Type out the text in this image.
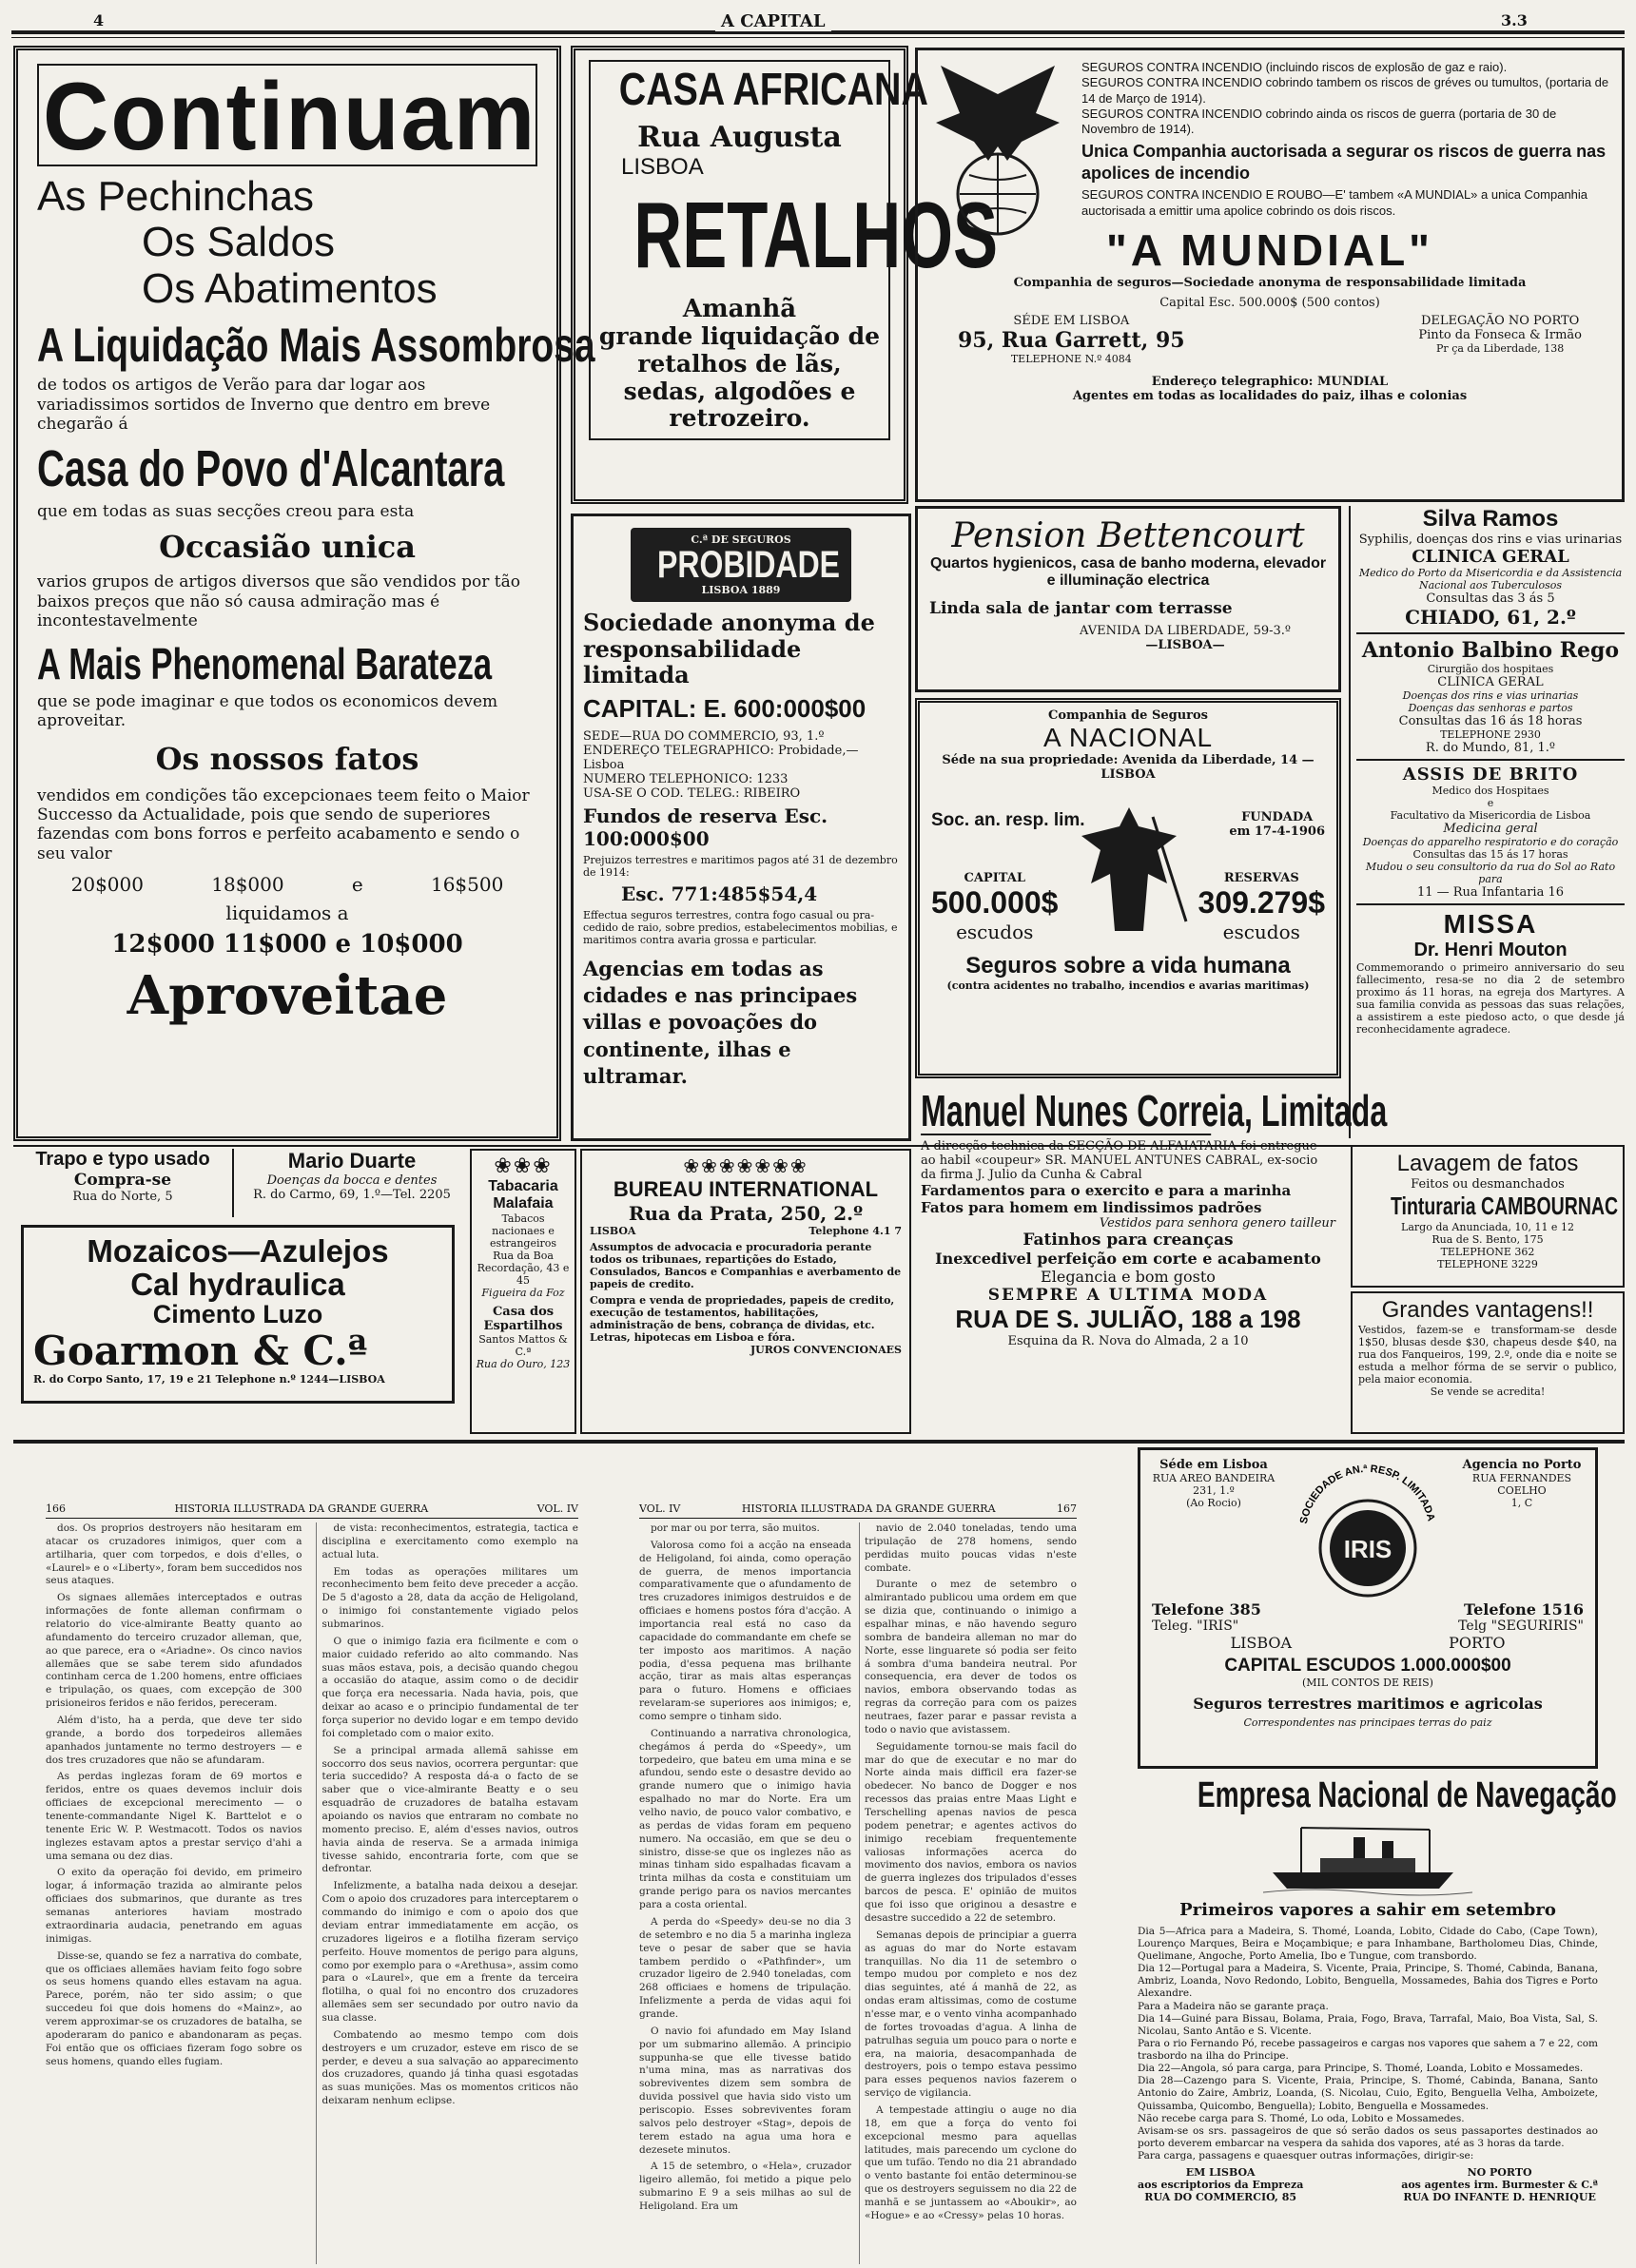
4	A CAPITAL	3.3
Continuam
As Pechinchas
Os Saldos
Os Abatimentos
A Liquidação Mais Assombrosa
de todos os artigos de Verão para dar logar aos variadissimos sortidos de Inverno que dentro em breve chegarão á
Casa do Povo d'Alcantara
que em todas as suas secções creou para esta
Occasião unica
varios grupos de artigos diversos que são vendidos por tão baixos preços que não só causa admiração mas é incontestavelmente
A Mais Phenomenal Barateza
que se pode imaginar e que todos os economicos devem aproveitar.
Os nossos fatos
vendidos em condições tão excepcionaes teem feito o Maior Successo da Actualidade, pois que sendo de superiores fazendas com bons forros e perfeito acabamento e sendo o seu valor
20$000	18$000	e	16$500
liquidamos a
12$000 11$000 e 10$000
Aproveitae
CASA AFRICANA
Rua Augusta
LISBOA
RETALHOS
Amanhã
grande liquidação de retalhos de lãs, sedas, algodões e retrozeiro.
SEGUROS CONTRA INCENDIO (incluindo riscos de explosão de gaz e raio).
SEGUROS CONTRA INCENDIO cobrindo tambem os riscos de gréves ou tumultos, (portaria de 14 de Março de 1914).
SEGUROS CONTRA INCENDIO cobrindo ainda os riscos de guerra (portaria de 30 de Novembro de 1914).
Unica Companhia auctorisada a segurar os riscos de guerra nas apolices de incendio
SEGUROS CONTRA INCENDIO E ROUBO—E' tambem «A MUNDIAL» a unica Companhia auctorisada a emittir uma apolice cobrindo os dois riscos.
"A MUNDIAL"
Companhia de seguros—Sociedade anonyma de responsabilidade limitada
Capital Esc. 500.000$ (500 contos)
SÉDE EM LISBOA
95, Rua Garrett, 95
TELEPHONE N.º 4084
DELEGAÇÃO NO PORTO
Pinto da Fonseca & Irmão
Pr ça da Liberdade, 138
Endereço telegraphico: MUNDIAL
Agentes em todas as localidades do paiz, ilhas e colonias
C.ª DE SEGUROS
PROBIDADE
LISBOA 1889
Sociedade anonyma de responsabilidade limitada
CAPITAL: E. 600:000$00
SEDE—RUA DO COMMERCIO, 93, 1.º
ENDEREÇO TELEGRAPHICO: Probidade,—Lisboa
NUMERO TELEPHONICO: 1233
USA-SE O COD. TELEG.: RIBEIRO
Fundos de reserva Esc. 100:000$00
Prejuizos terrestres e maritimos pagos até 31 de dezembro de 1914:
Esc. 771:485$54,4
Effectua seguros terrestres, contra fogo casual ou pra-cedido de raio, sobre predios, estabelecimentos mobilias, e maritimos contra avaria grossa e particular.
Agencias em todas as cidades e nas principaes villas e povoações do continente, ilhas e ultramar.
Pension Bettencourt
Quartos hygienicos, casa de banho moderna, elevador e illuminação electrica
Linda sala de jantar com terrasse
AVENIDA DA LIBERDADE, 59-3.º
—LISBOA—
Companhia de Seguros
A NACIONAL
Séde na sua propriedade: Avenida da Liberdade, 14 — LISBOA
Soc. an. resp. lim.	FUNDADA
em 17-4-1906
CAPITAL
500.000$
escudos
RESERVAS
309.279$
escudos
Seguros sobre a vida humana
(contra acidentes no trabalho, incendios e avarias maritimas)
Silva Ramos
Syphilis, doenças dos rins e vias urinarias
CLINICA GERAL
Medico do Porto da Misericordia e da Assistencia Nacional aos Tuberculosos
Consultas das 3 ás 5
CHIADO, 61, 2.º
Antonio Balbino Rego
Cirurgião dos hospitaes
CLINICA GERAL
Doenças dos rins e vias urinarias
Doenças das senhoras e partos
Consultas das 16 ás 18 horas
TELEPHONE 2930
R. do Mundo, 81, 1.º
ASSIS DE BRITO
Medico dos Hospitaes
e
Facultativo da Misericordia de Lisboa
Medicina geral
Doenças do apparelho respiratorio e do coração
Consultas das 15 ás 17 horas
Mudou o seu consultorio da rua do Sol ao Rato para
11 — Rua Infantaria 16
MISSA
Dr. Henri Mouton
Commemorando o primeiro anniversario do seu fallecimento, resa-se no dia 2 de setembro proximo ás 11 horas, na egreja dos Martyres. A sua familia convida as pessoas das suas relações, a assistirem a este piedoso acto, o que desde já reconhecidamente agradece.
Trapo e typo usado
Compra-se
Rua do Norte, 5
Mario Duarte
Doenças da bocca e dentes
R. do Carmo, 69, 1.º—Tel. 2205
Mozaicos—Azulejos
Cal hydraulica
Cimento Luzo
Goarmon & C.ª
R. do Corpo Santo, 17, 19 e 21 Telephone n.º 1244—LISBOA
❀❀❀
Tabacaria Malafaia
Tabacos nacionaes e estrangeiros
Rua da Boa Recordação, 43 e 45
Figueira da Foz
Casa dos Espartilhos
Santos Mattos & C.ª
Rua do Ouro, 123
❀❀❀❀❀❀❀
BUREAU INTERNATIONAL
Rua da Prata, 250, 2.º
LISBOA	Telephone 4.1 7
Assumptos de advocacia e procuradoria perante todos os tribunaes, repartições do Estado, Consulados, Bancos e Companhias e averbamento de papeis de credito.
Compra e venda de propriedades, papeis de credito, execução de testamentos, habilitações, administração de bens, cobrança de dividas, etc.
Letras, hipotecas em Lisboa e fóra.
JUROS CONVENCIONAES
Manuel Nunes Correia, Limitada
A direcção technica da SECÇÃO DE ALFAIATARIA foi entregue ao habil «coupeur» SR. MANUEL ANTUNES CABRAL, ex-socio da firma J. Julio da Cunha & Cabral
Fardamentos para o exercito e para a marinha
Fatos para homem em lindissimos padrões
Vestidos para senhora genero tailleur
Fatinhos para creanças
Inexcedivel perfeição em corte e acabamento
Elegancia e bom gosto
SEMPRE A ULTIMA MODA
RUA DE S. JULIÃO, 188 a 198
Esquina da R. Nova do Almada, 2 a 10
Lavagem de fatos
Feitos ou desmanchados
Tinturaria CAMBOURNAC
Largo da Anunciada, 10, 11 e 12
Rua de S. Bento, 175
TELEPHONE 362
TELEPHONE 3229
Grandes vantagens!!
Vestidos, fazem-se e transformam-se desde 1$50, blusas desde $30, chapeus desde $40, na rua dos Fanqueiros, 199, 2.º, onde dia e noite se estuda a melhor fórma de se servir o publico, pela maior economia.
Se vende se acredita!
166	HISTORIA ILLUSTRADA DA GRANDE GUERRA	VOL. IV

dos. Os proprios destroyers não hesitaram em atacar os cruzadores inimigos, quer com a artilharia, quer com torpedos, e dois d'elles, o «Laurel» e o «Liberty», foram bem succedidos nos seus ataques.

Os signaes allemães interceptados e outras informações de fonte alleman confirmam o relatorio do vice-almirante Beatty quanto ao afundamento do terceiro cruzador alleman, que, ao que parece, era o «Ariadne». Os cinco navios allemães que se sabe terem sido afundados continham cerca de 1.200 homens, entre officiaes e tripulação, os quaes, com excepção de 300 prisioneiros feridos e não feridos, pereceram.

Além d'isto, ha a perda, que deve ter sido grande, a bordo dos torpedeiros allemães apanhados juntamente no termo destroyers — e dos tres cruzadores que não se afundaram.

As perdas inglezas foram de 69 mortos e feridos, entre os quaes devemos incluir dois officiaes de excepcional merecimento — o tenente-commandante Nigel K. Barttelot e o tenente Eric W. P. Westmacott. Todos os navios inglezes estavam aptos a prestar serviço d'ahi a uma semana ou dez dias.

O exito da operação foi devido, em primeiro logar, á informação trazida ao almirante pelos officiaes dos submarinos, que durante as tres semanas anteriores haviam mostrado extraordinaria audacia, penetrando em aguas inimigas.

Disse-se, quando se fez a narrativa do combate, que os officiaes allemães haviam feito fogo sobre os seus homens quando elles estavam na agua. Parece, porém, não ter sido assim; o que succedeu foi que dois homens do «Mainz», ao verem approximar-se os cruzadores de batalha, se apoderaram do panico e abandonaram as peças. Foi então que os officiaes fizeram fogo sobre os seus homens, quando elles fugiam.

de vista: reconhecimentos, estrategia, tactica e disciplina e exercitamento como exemplo na actual luta.

Em todas as operações militares um reconhecimento bem feito deve preceder a acção. De 5 d'agosto a 28, data da acção de Heligoland, o inimigo foi constantemente vigiado pelos submarinos.

O que o inimigo fazia era ficilmente e com o maior cuidado referido ao alto commando. Nas suas mãos estava, pois, a decisão quando chegou a occasião do ataque, assim como o de decidir que força era necessaria. Nada havia, pois, que deixar ao acaso e o principio fundamental de ter força superior no devido logar e em tempo devido foi completado com o maior exito.

Se a principal armada allemã sahisse em soccorro dos seus navios, ocorrera perguntar: que teria succedido? A resposta dá-a o facto de se saber que o vice-almirante Beatty e o seu esquadrão de cruzadores de batalha estavam apoiando os navios que entraram no combate no momento preciso. E, além d'esses navios, outros havia ainda de reserva. Se a armada inimiga tivesse sahido, encontraria forte, com que se defrontar.

Infelizmente, a batalha nada deixou a desejar. Com o apoio dos cruzadores para interceptarem o commando do inimigo e com o apoio dos que deviam entrar immediatamente em acção, os cruzadores ligeiros e a flotilha fizeram serviço perfeito. Houve momentos de perigo para alguns, como por exemplo para o «Arethusa», assim como para o «Laurel», que em a frente da terceira flotilha, o qual foi no encontro dos cruzadores allemães sem ser secundado por outro navio da sua classe.

Combatendo ao mesmo tempo com dois destroyers e um cruzador, esteve em risco de se perder, e deveu a sua salvação ao apparecimento dos cruzadores, quando já tinha quasi esgotadas as suas munições. Mas os momentos criticos não deixaram nenhum eclipse.

VOL. IV	HISTORIA ILLUSTRADA DA GRANDE GUERRA	167

por mar ou por terra, são muitos.

Valorosa como foi a acção na enseada de Heligoland, foi ainda, como operação de guerra, de menos importancia comparativamente que o afundamento de tres cruzadores inimigos destruidos e de officiaes e homens postos fóra d'acção. A importancia real está no caso da capacidade do commandante em chefe se ter imposto aos maritimos. A nação podia, d'essa pequena mas brilhante acção, tirar as mais altas esperanças para o futuro. Homens e officiaes revelaram-se superiores aos inimigos; e, como sempre o tinham sido.

Continuando a narrativa chronologica, chegámos á perda do «Speedy», um torpedeiro, que bateu em uma mina e se afundou, sendo este o desastre devido ao grande numero que o inimigo havia espalhado no mar do Norte. Era um velho navio, de pouco valor combativo, e as perdas de vidas foram em pequeno numero. Na occasião, em que se deu o sinistro, disse-se que os inglezes não as minas tinham sido espalhadas ficavam a trinta milhas da costa e constituiam um grande perigo para os navios mercantes para a costa oriental.

A perda do «Speedy» deu-se no dia 3 de setembro e no dia 5 a marinha ingleza teve o pesar de saber que se havia tambem perdido o «Pathfinder», um cruzador ligeiro de 2.940 toneladas, com 268 officiaes e homens de tripulação. Infelizmente a perda de vidas aqui foi grande.

O navio foi afundado em May Island por um submarino allemão. A principio suppunha-se que elle tivesse batido n'uma mina, mas as narrativas dos sobreviventes dizem sem sombra de duvida possivel que havia sido visto um periscopio. Esses sobreviventes foram salvos pelo destroyer «Stag», depois de terem estado na agua uma hora e dezesete minutos.

A 15 de setembro, o «Hela», cruzador ligeiro allemão, foi metido a pique pelo submarino E 9 a seis milhas ao sul de Heligoland. Era um

navio de 2.040 toneladas, tendo uma tripulação de 278 homens, sendo perdidas muito poucas vidas n'este combate.

Durante o mez de setembro o almirantado publicou uma ordem em que se dizia que, continuando o inimigo a espalhar minas, e não havendo seguro sombra de bandeira alleman no mar do Norte, esse linguarete só podia ser feito á sombra d'uma bandeira neutral. Por consequencia, era dever de todos os navios, embora observando todas as regras da correção para com os paizes neutraes, fazer parar e passar revista a todo o navio que avistassem.

Seguidamente tornou-se mais facil do mar do que de executar e no mar do Norte ainda mais difficil era fazer-se obedecer. No banco de Dogger e nos recessos das praias entre Maas Light e Terschelling apenas navios de pesca podem penetrar; e agentes activos do inimigo recebiam frequentemente valiosas informações acerca do movimento dos navios, embora os navios de guerra inglezes dos tripulados d'esses barcos de pesca. E' opinião de muitos que foi isso que originou a desastre e desastre succedido a 22 de setembro.

Semanas depois de principiar a guerra as aguas do mar do Norte estavam tranquillas. No dia 11 de setembro o tempo mudou por completo e nos dez dias seguintes, até á manhã de 22, as ondas eram altissimas, como de costume n'esse mar, e o vento vinha acompanhado de fortes trovoadas d'agua. A linha de patrulhas seguia um pouco para o norte e era, na maioria, desacompanhada de destroyers, pois o tempo estava pessimo para esses pequenos navios fazerem o serviço de vigilancia.

A tempestade attingiu o auge no dia 18, em que a força do vento foi excepcional mesmo para aquellas latitudes, mais parecendo um cyclone do que um tufão. Tendo no dia 21 abrandado o vento bastante foi então determinou-se que os destroyers seguissem no dia 22 de manhã e se juntassem ao «Aboukir», ao «Hogue» e ao «Cressy» pelas 10 horas.

Séde em Lisboa
RUA AREO BANDEIRA
231, 1.º
(Ao Rocio)
SOCIEDADE AN.ª RESP. LIMITADA
IRIS
Agencia no Porto
RUA FERNANDES COELHO
1, C
Telefone 385	Telefone 1516
Teleg. "IRIS"	Telg "SEGURIRIS"
LISBOA	PORTO
CAPITAL ESCUDOS 1.000.000$00
(MIL CONTOS DE REIS)
Seguros terrestres maritimos e agricolas
Correspondentes nas principaes terras do paiz
Empresa Nacional de Navegação
Primeiros vapores a sahir em setembro
Dia 5—Africa para a Madeira, S. Thomé, Loanda, Lobito, Cidade do Cabo, (Cape Town), Lourenço Marques, Beira e Moçambique; e para Inhambane, Bartholomeu Dias, Chinde, Quelimane, Angoche, Porto Amelia, Ibo e Tungue, com transbordo.
Dia 12—Portugal para a Madeira, S. Vicente, Praia, Principe, S. Thomé, Cabinda, Banana, Ambriz, Loanda, Novo Redondo, Lobito, Benguella, Mossamedes, Bahia dos Tigres e Porto Alexandre.
Para a Madeira não se garante praça.
Dia 14—Guiné para Bissau, Bolama, Praia, Fogo, Brava, Tarrafal, Maio, Boa Vista, Sal, S. Nicolau, Santo Antão e S. Vicente.
Para o rio Fernando Pó, recebe passageiros e cargas nos vapores que sahem a 7 e 22, com trasbordo na ilha do Principe.
Dia 22—Angola, só para carga, para Principe, S. Thomé, Loanda, Lobito e Mossamedes.
Dia 28—Cazengo para S. Vicente, Praia, Principe, S. Thomé, Cabinda, Banana, Santo Antonio do Zaire, Ambriz, Loanda, (S. Nicolau, Cuio, Egito, Benguella Velha, Amboizete, Quissamba, Quicombo, Benguella); Lobito, Benguella e Mossamedes.
Não recebe carga para S. Thomé, Lo oda, Lobito e Mossamedes.
Avisam-se os srs. passageiros de que só serão dados os seus passaportes destinados ao porto deverem embarcar na vespera da sahida dos vapores, até as 3 horas da tarde.
Para carga, passagens e quaesquer outras informações, dirigir-se:
EM LISBOA
aos escriptorios da Empreza
RUA DO COMMERCIO, 85
NO PORTO
aos agentes irm. Burmester & C.ª
RUA DO INFANTE D. HENRIQUE
